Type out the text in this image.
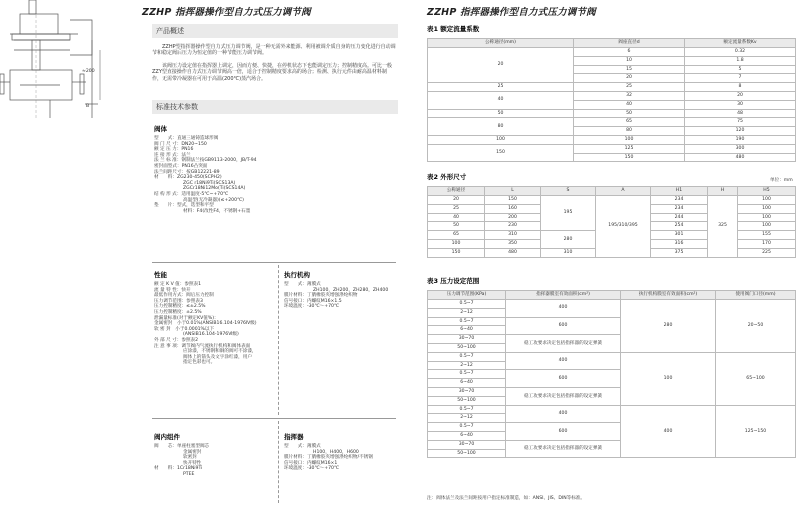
ZZHP 指挥器操作型自力式压力调节阀
≈200
B
产品概述
ZZHP型指挥器操作型自力式压力调节阀，是一种无需外来能源、利用被调介质自身的压力变化进行自动调节和稳定阀后压力为恒定值的一种节能压力调节阀。
该阀压力设定值在指挥器上调定，因而方便、快捷，在停机状态下也能调定压力；控制精度高。可比一般ZZY型直接操作自力式压力调节阀高一倍，适合于控制精度要求高的场合；检测、执行元件由耐高温材料制作，无需带冷凝器在可用于高温(200℃)蒸汽场合。
标准技术参数
阀体
型　　式：直通三通铸造球形阀
阀 门 尺 寸：DN20~150
额 定 压 力：PN16
连 接 形 式：法兰
法 兰 标 准：钢制法兰按GB9113-2000，JB/T-94
密封面型式：PN16凸突面
法兰间距尺寸：按GB12221-89
材　　料：ZG230-450(SCPH2)
ZGC r18Ni9Ti(SCS13A)
ZGCr18Ni12Mo(Ti(SCS14A)
结 构 形 式：适用温度-5℃~+70℃
高温型(无冷凝器)(≤+200℃)
垫　　片：型式，选型和平型
材料：F4(改性F4，不锈钢+石墨
性能
额 定 K V 值：参照表1
流 量 特 性：快开
最低作用方式：阀后压力控制
压力调节范围：参照表3
压力控制精度：≤±2.5%
压力控制精度：±2.5%
泄漏量标准(对于额定KV值%)：
金属密封　小于0.01%(ANSIB16.104-1976Ⅳ级)
软 密 封　小于0.0001%以下
(ANSIB16.104-1976Ⅵ级)
外 部 尺 寸：参照表2
注 意 事 项：调节阀内气流执行机构和阀体表面
应涂漆，不锈钢和铜的阀可不涂漆，
阀体上的箭头及文字涂红漆，用户
指定色彩也可。
执行机构
型　　式：薄膜式
ZH100，ZH200，ZH280，ZH400
膜片材料：丁腈橡胶夹增强涤纶织物
信号接口：内螺纹M16×1.5
环境温度：-30℃～+70℃
阀内组件
阀　　芯：单座柱塞型阀芯
金属密封
软密封
快开特性
材　　料：1Cr18Ni9Ti
PTEE
指挥器
型　　式：薄膜式
H100，H400，H600
膜片材料：丁腈橡胶夹增强涤纶织物/不锈钢
信号接口：内螺纹M16×1
环境温度：-30℃～+70℃
ZZHP 指挥器操作型自力式压力调节阀
表1 额定流量系数
公称通径(mm)	阀座直径d	额定流量系数Kv
20	6	0.32
	10	1.8
	15	5
	20	7
25	25	8
40	32	20
	40	30
50	50	48
80	65	75
	80	120
100	100	190
150	125	300
	150	480
表2 外形尺寸	单位：mm
公称通径	L	S	A	H1	H	H5
20	150	195	195/310/395	234	325	100
25	160			234		100
40	200			244		100
50	230			254		100
65	310	280		301		155
100	350			316		170
150	480	310		375		225
表3 压力设定范围
压力调节范围(KPa)	指挥器膜室有效面积(cm²)	执行机构膜室有效面积(cm²)	使用阀门口径(mm)
0.5~7	400	280	20~50
2~12			
0.5~7	600		
6~40			
30~70	稳工攻要求决定包括指挥器的设定弹簧		
50~100			
0.5~7	400	100	65~100
2~12			
0.5~7	600		
6~40			
30~70	稳工攻要求决定包括指挥器的设定弹簧		
50~100			
0.5~7	400	400	125~150
2~12			
0.5~7	600		
6~40			
30~70	稳工攻要求决定包括指挥器的设定弹簧		
50~100			
注：阀体法兰及法兰间距按用户指定标准制造，如：ANSI、JIS、DIN等标准。
